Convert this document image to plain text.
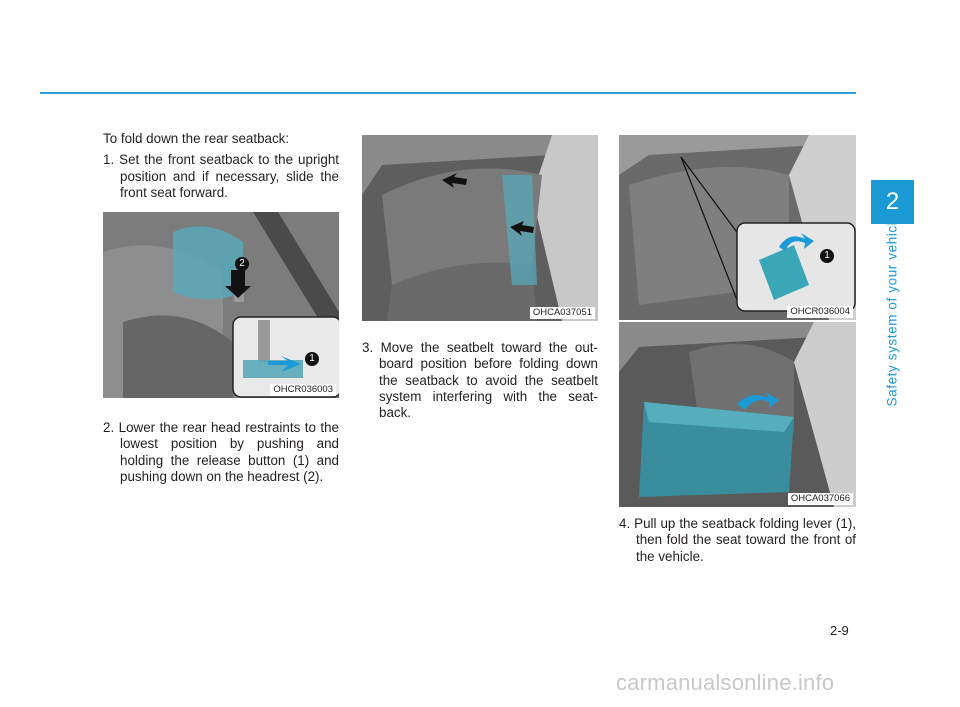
To fold down the rear seatback:

1. Set the front seatback to the upright position and if necessary, slide the front seat forward.

2
1
OHCR036003

2. Lower the rear head restraints to the lowest position by pushing and holding the release button (1) and pushing down on the headrest (2).

OHCA037051

3. Move the seatbelt toward the out-board position before folding down the seatback to avoid the seatbelt system interfering with the seat-back.

1
OHCR036004
OHCA037066

4. Pull up the seatback folding lever (1), then fold the seat toward the front of the vehicle.

2
Safety system of your vehicle
2-9
carmanualsonline.info
